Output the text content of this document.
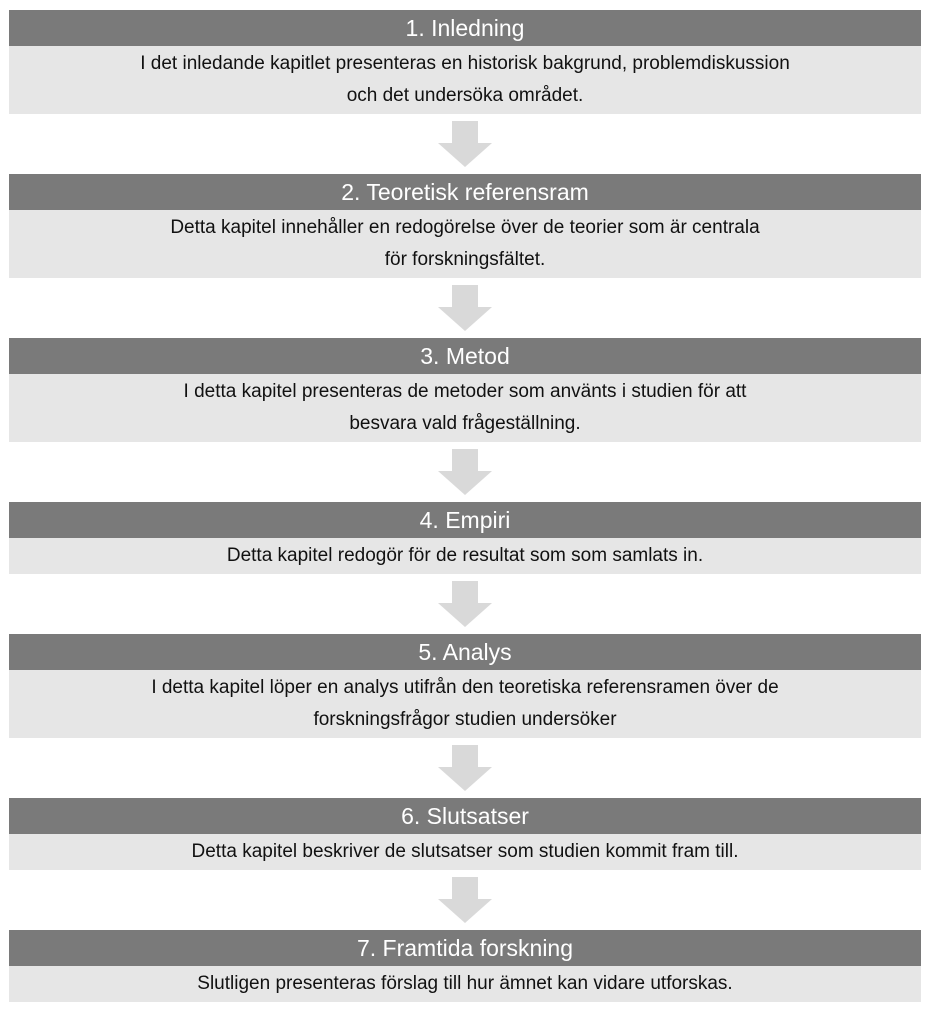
1. Inledning
I det inledande kapitlet presenteras en historisk bakgrund, problemdiskussion
och det undersöka området.
2. Teoretisk referensram
Detta kapitel innehåller en redogörelse över de teorier som är centrala
för forskningsfältet.
3. Metod
I detta kapitel presenteras de metoder som använts i studien för att
besvara vald frågeställning.
4. Empiri
Detta kapitel redogör för de resultat som som samlats in.
5. Analys
I detta kapitel löper en analys utifrån den teoretiska referensramen över de
forskningsfrågor studien undersöker
6. Slutsatser
Detta kapitel beskriver de slutsatser som studien kommit fram till.
7. Framtida forskning
Slutligen presenteras förslag till hur ämnet kan vidare utforskas.
